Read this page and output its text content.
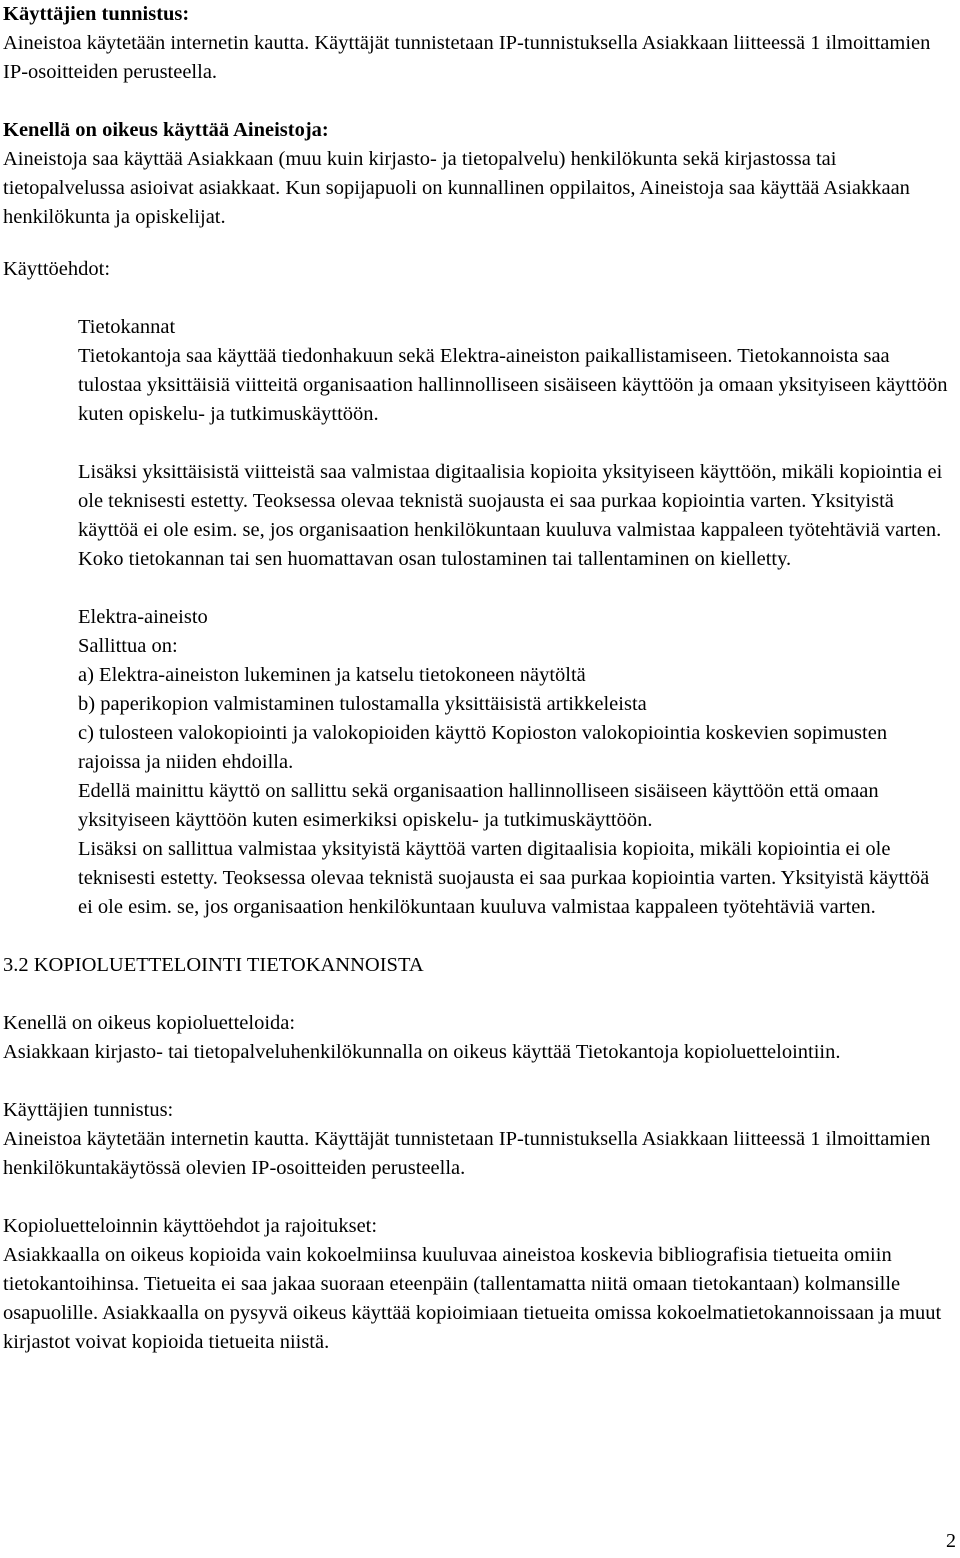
Käyttäjien tunnistus:

Aineistoa käytetään internetin kautta. Käyttäjät tunnistetaan IP-tunnistuksella Asiakkaan liitteessä 1 ilmoittamien IP-osoitteiden perusteella.

Kenellä on oikeus käyttää Aineistoja:

Aineistoja saa käyttää Asiakkaan (muu kuin kirjasto- ja tietopalvelu) henkilökunta sekä kirjastossa tai tietopalvelussa asioivat asiakkaat. Kun sopijapuoli on kunnallinen oppilaitos, Aineistoja saa käyttää Asiakkaan henkilökunta ja opiskelijat.

Käyttöehdot:
Tietokannat

Tietokantoja saa käyttää tiedonhakuun sekä Elektra-aineiston paikallistamiseen. Tietokannoista saa tulostaa yksittäisiä viitteitä organisaation hallinnolliseen sisäiseen käyttöön ja omaan yksityiseen käyttöön kuten opiskelu- ja tutkimuskäyttöön.

Lisäksi yksittäisistä viitteistä saa valmistaa digitaalisia kopioita yksityiseen käyttöön, mikäli kopiointia ei ole teknisesti estetty. Teoksessa olevaa teknistä suojausta ei saa purkaa kopiointia varten. Yksityistä käyttöä ei ole esim. se, jos organisaation henkilökuntaan kuuluva valmistaa kappaleen työtehtäviä varten. Koko tietokannan tai sen huomattavan osan tulostaminen tai tallentaminen on kielletty.

Elektra-aineisto
Sallittua on:
a) Elektra-aineiston lukeminen ja katselu tietokoneen näytöltä
b) paperikopion valmistaminen tulostamalla yksittäisistä artikkeleista
c) tulosteen valokopiointi ja valokopioiden käyttö Kopioston valokopiointia koskevien sopimusten rajoissa ja niiden ehdoilla.

Edellä mainittu käyttö on sallittu sekä organisaation hallinnolliseen sisäiseen käyttöön että omaan yksityiseen käyttöön kuten esimerkiksi opiskelu- ja tutkimuskäyttöön.

Lisäksi on sallittua valmistaa yksityistä käyttöä varten digitaalisia kopioita, mikäli kopiointia ei ole teknisesti estetty. Teoksessa olevaa teknistä suojausta ei saa purkaa kopiointia varten. Yksityistä käyttöä ei ole esim. se, jos organisaation henkilökuntaan kuuluva valmistaa kappaleen työtehtäviä varten.

3.2 KOPIOLUETTELOINTI TIETOKANNOISTA
Kenellä on oikeus kopioluetteloida:

Asiakkaan kirjasto- tai tietopalveluhenkilökunnalla on oikeus käyttää Tietokantoja kopioluettelointiin.

Käyttäjien tunnistus:

Aineistoa käytetään internetin kautta. Käyttäjät tunnistetaan IP-tunnistuksella Asiakkaan liitteessä 1 ilmoittamien henkilökuntakäytössä olevien IP-osoitteiden perusteella.

Kopioluetteloinnin käyttöehdot ja rajoitukset:

Asiakkaalla on oikeus kopioida vain kokoelmiinsa kuuluvaa aineistoa koskevia bibliografisia tietueita omiin tietokantoihinsa. Tietueita ei saa jakaa suoraan eteenpäin (tallentamatta niitä omaan tietokantaan) kolmansille osapuolille. Asiakkaalla on pysyvä oikeus käyttää kopioimiaan tietueita omissa kokoelmatietokannoissaan ja muut kirjastot voivat kopioida tietueita niistä.

2
